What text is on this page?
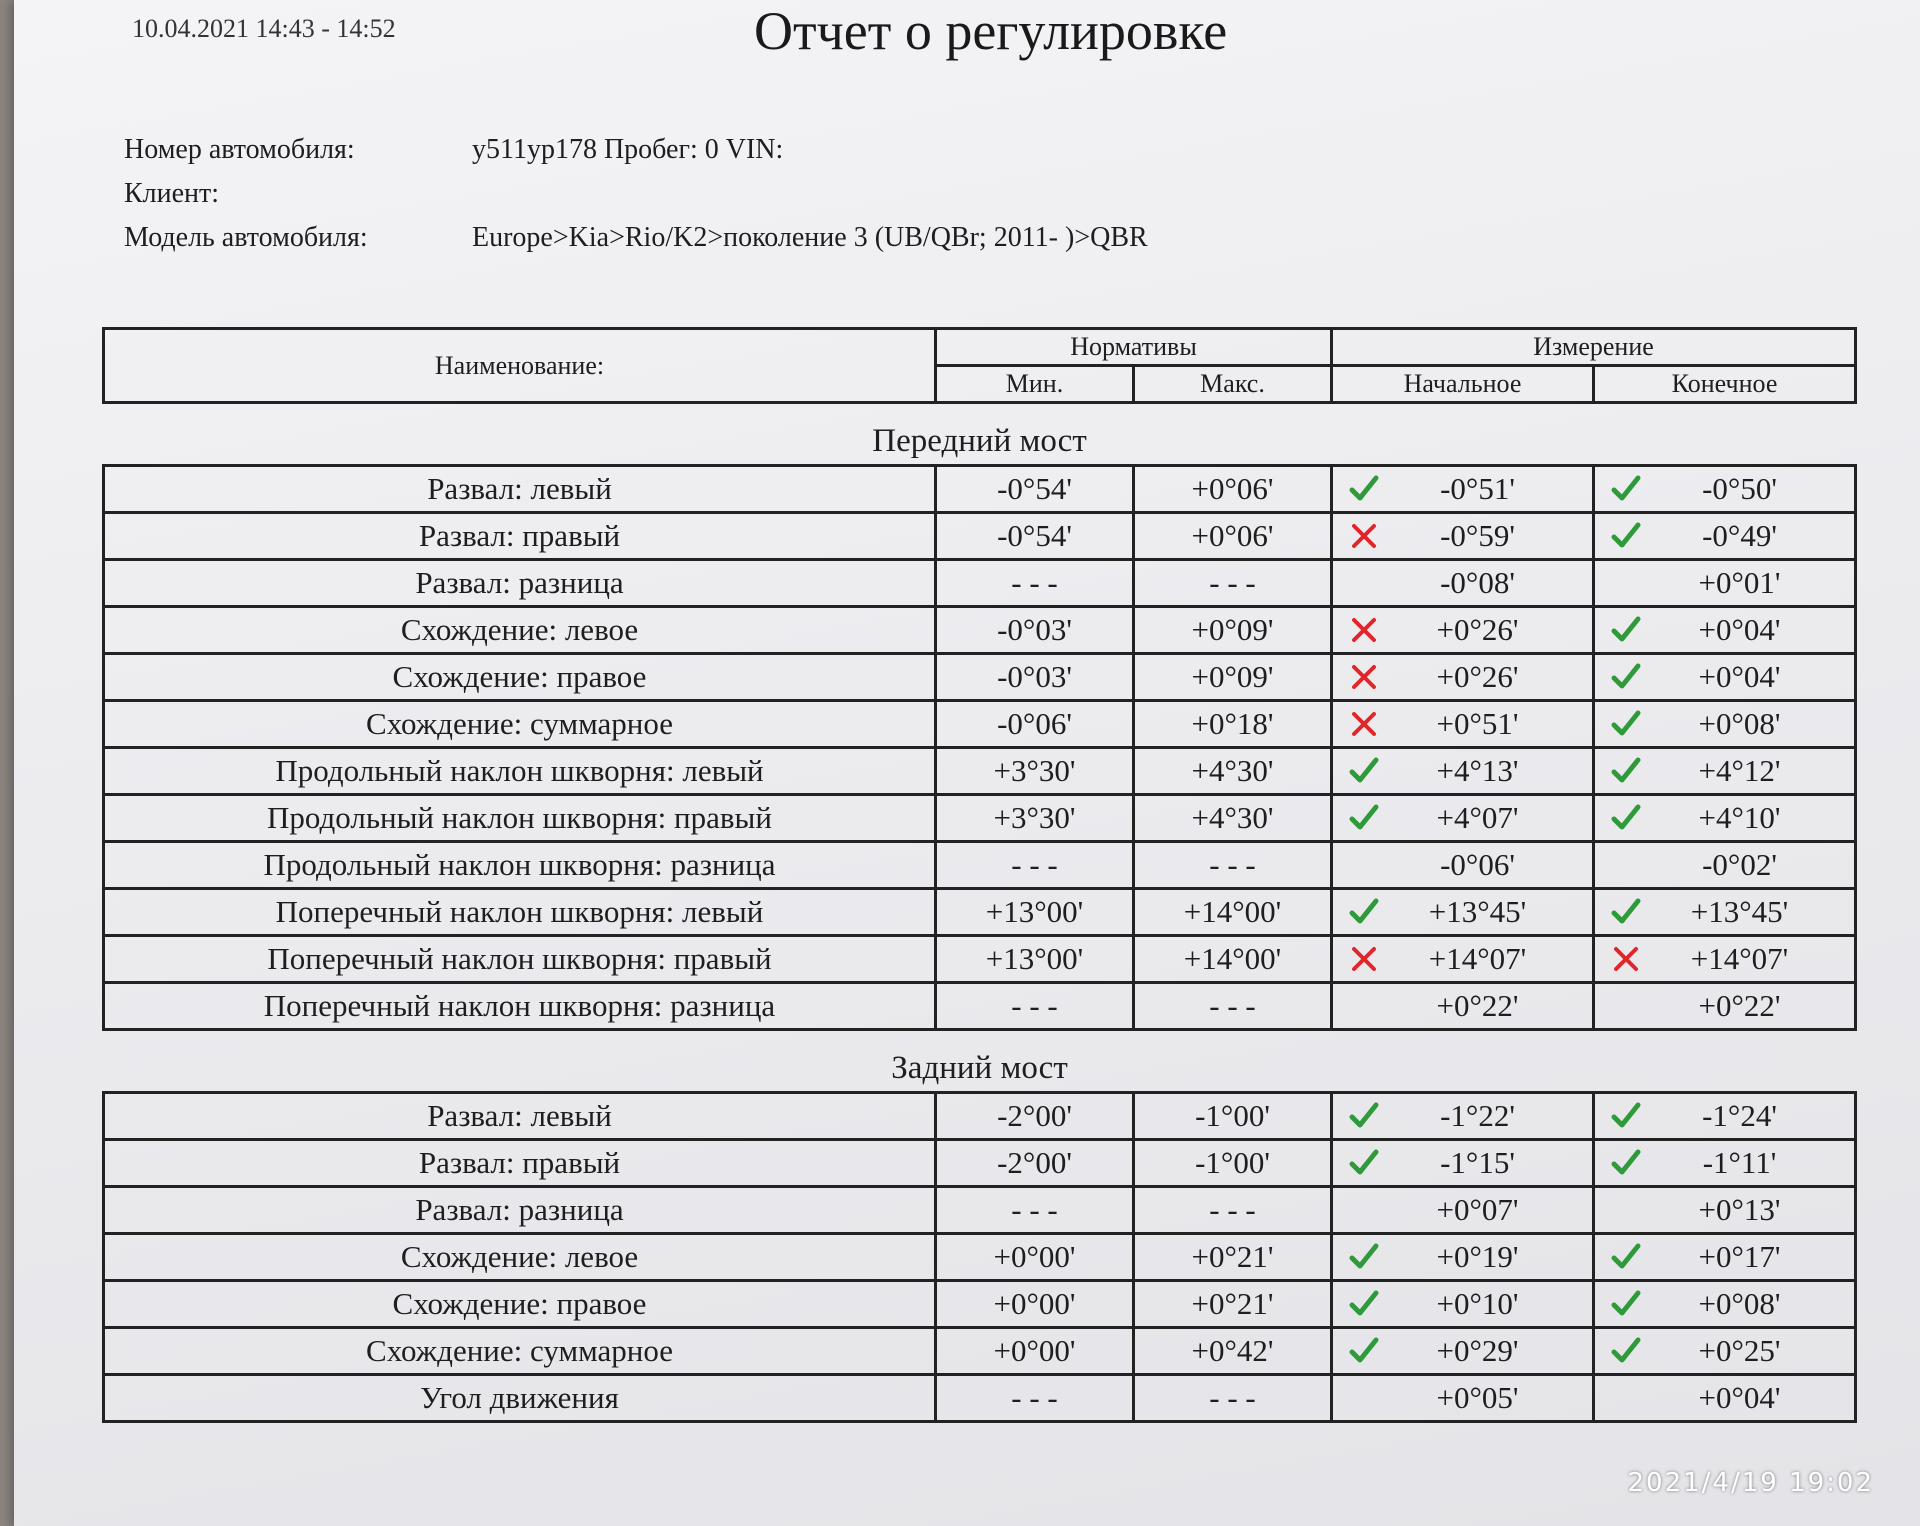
10.04.2021 14:43 - 14:52	Отчет о регулировке
Номер автомобиля:	у511ур178 Пробег: 0 VIN:
Клиент:
Модель автомобиля:	Europe>Kia>Rio/K2>поколение 3 (UB/QBr; 2011- )>QBR
Наименование:	Нормативы		Измерение	
	Мин.	Макс.	Начальное	Конечное
Передний мост				
Развал: левый	-0°54'	+0°06'	-0°51'	-0°50'

Развал: правый	-0°54'	+0°06'	-0°59'	-0°49'

Развал: разница	- - -	- - -	-0°08'	+0°01'

Схождение: левое	-0°03'	+0°09'	+0°26'	+0°04'

Схождение: правое	-0°03'	+0°09'	+0°26'	+0°04'

Схождение: суммарное	-0°06'	+0°18'	+0°51'	+0°08'

Продольный наклон шкворня: левый	+3°30'	+4°30'	+4°13'	+4°12'

Продольный наклон шкворня: правый	+3°30'	+4°30'	+4°07'	+4°10'

Продольный наклон шкворня: разница	- - -	- - -	-0°06'	-0°02'

Поперечный наклон шкворня: левый	+13°00'	+14°00'	+13°45'	+13°45'

Поперечный наклон шкворня: правый	+13°00'	+14°00'	+14°07'	+14°07'

Поперечный наклон шкворня: разница	- - -	- - -	+0°22'	+0°22'

Задний мост				
Развал: левый	-2°00'	-1°00'	-1°22'	-1°24'

Развал: правый	-2°00'	-1°00'	-1°15'	-1°11'

Развал: разница	- - -	- - -	+0°07'	+0°13'

Схождение: левое	+0°00'	+0°21'	+0°19'	+0°17'

Схождение: правое	+0°00'	+0°21'	+0°10'	+0°08'

Схождение: суммарное	+0°00'	+0°42'	+0°29'	+0°25'

Угол движения	- - -	- - -	+0°05'	+0°04'
2021/4/19 19:02
